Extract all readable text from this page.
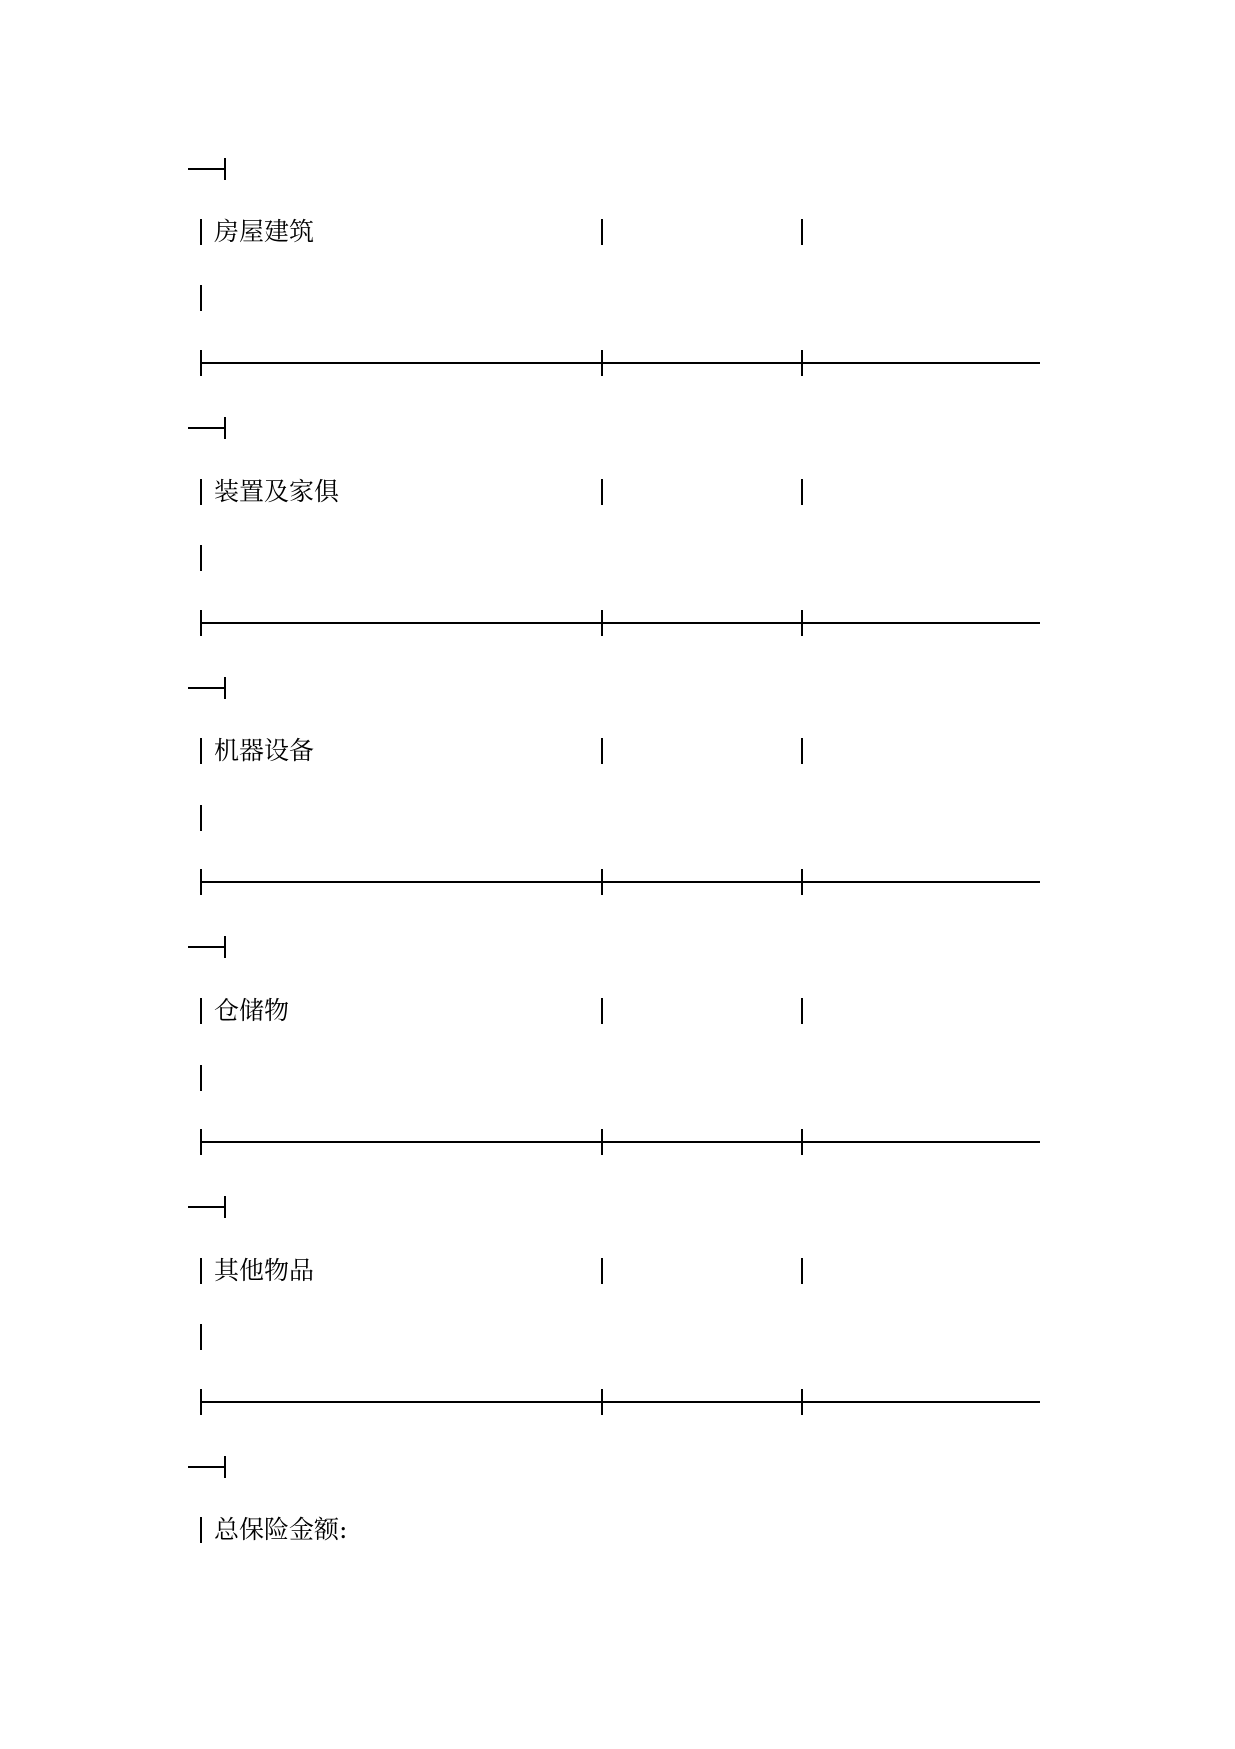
房屋建筑
装置及家俱
机器设备
仓储物
其他物品
总保险金额:
